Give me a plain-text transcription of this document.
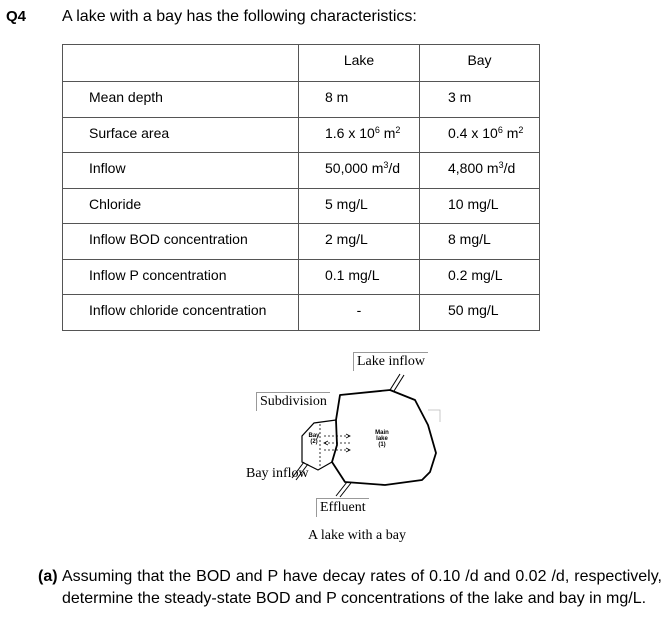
Q4 A lake with a bay has the following characteristics:
	Lake	Bay
Mean depth	8 m	3 m
Surface area	1.6 x $10^6$ $m^2$	0.4 x $10^6$ $m^2$
Inflow	50,000 $m^3/d$	4,800 $m^3/d$
Chloride	5 mg/L	10 mg/L
Inflow BOD concentration	2 mg/L	8 mg/L
Inflow P concentration	0.1 mg/L	0.2 mg/L
Inflow chloride concentration	-	50 mg/L
Lake inflow
Subdivision
Bay inflow
Effluent
A lake with a bay
Bay
(2)
Main
lake
(1)
(a) Assuming that the BOD and P have decay rates of 0.10 /d and 0.02 /d, respectively, determine the steady-state BOD and P concentrations of the lake and bay in mg/L.
